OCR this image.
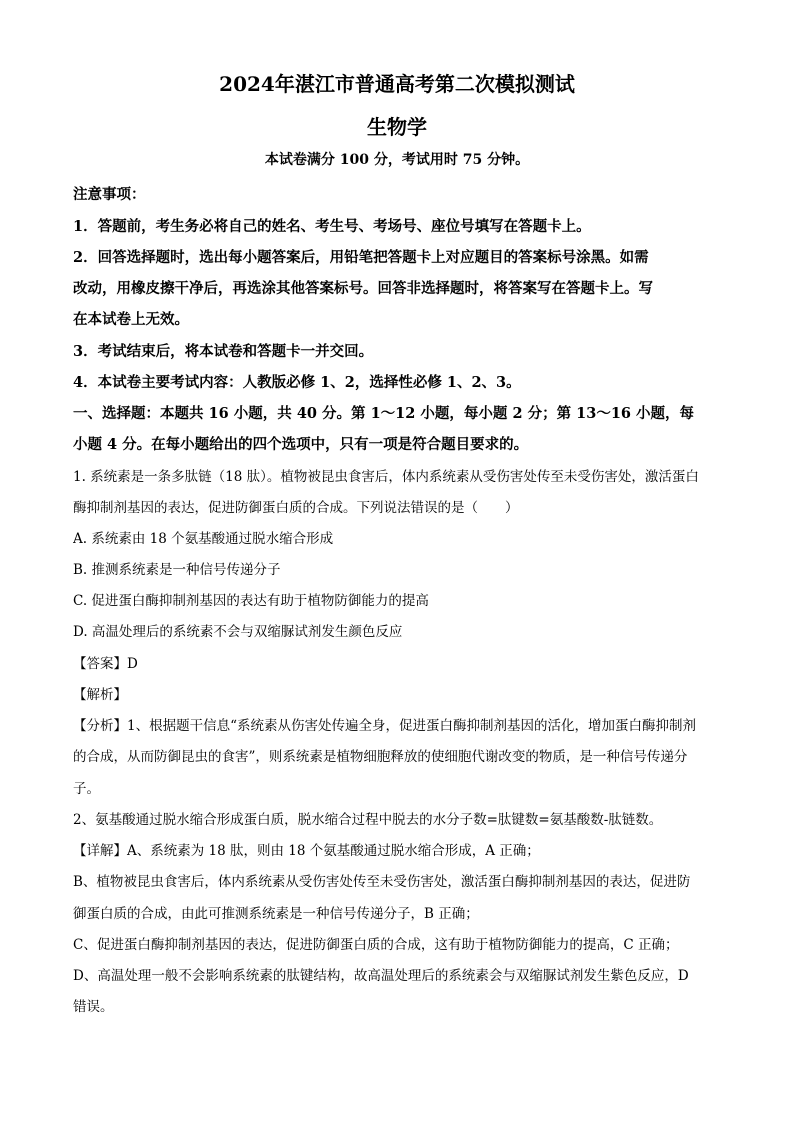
2024年湛江市普通高考第二次模拟测试
生物学
本试卷满分 100 分，考试用时 75 分钟。
注意事项：
1．答题前，考生务必将自己的姓名、考生号、考场号、座位号填写在答题卡上。
2．回答选择题时，选出每小题答案后，用铅笔把答题卡上对应题目的答案标号涂黑。如需
改动，用橡皮擦干净后，再选涂其他答案标号。回答非选择题时，将答案写在答题卡上。写
在本试卷上无效。
3．考试结束后，将本试卷和答题卡一并交回。
4．本试卷主要考试内容：人教版必修 1、2，选择性必修 1、2、3。
一、选择题：本题共 16 小题，共 40 分。第 1～12 小题，每小题 2 分；第 13～16 小题，每
小题 4 分。在每小题给出的四个选项中，只有一项是符合题目要求的。
1. 系统素是一条多肽链（18 肽）。植物被昆虫食害后，体内系统素从受伤害处传至未受伤害处，激活蛋白
酶抑制剂基因的表达，促进防御蛋白质的合成。下列说法错误的是（　　）
A. 系统素由 18 个氨基酸通过脱水缩合形成
B. 推测系统素是一种信号传递分子
C. 促进蛋白酶抑制剂基因的表达有助于植物防御能力的提高
D. 高温处理后的系统素不会与双缩脲试剂发生颜色反应
【答案】D
【解析】
【分析】1、根据题干信息“系统素从伤害处传遍全身，促进蛋白酶抑制剂基因的活化，增加蛋白酶抑制剂
的合成，从而防御昆虫的食害”，则系统素是植物细胞释放的使细胞代谢改变的物质，是一种信号传递分
子。
2、氨基酸通过脱水缩合形成蛋白质，脱水缩合过程中脱去的水分子数=肽键数=氨基酸数-肽链数。
【详解】A、系统素为 18 肽，则由 18 个氨基酸通过脱水缩合形成，A 正确；
B、植物被昆虫食害后，体内系统素从受伤害处传至未受伤害处，激活蛋白酶抑制剂基因的表达，促进防
御蛋白质的合成，由此可推测系统素是一种信号传递分子，B 正确；
C、促进蛋白酶抑制剂基因的表达，促进防御蛋白质的合成，这有助于植物防御能力的提高，C 正确；
D、高温处理一般不会影响系统素的肽键结构，故高温处理后的系统素会与双缩脲试剂发生紫色反应，D
错误。
